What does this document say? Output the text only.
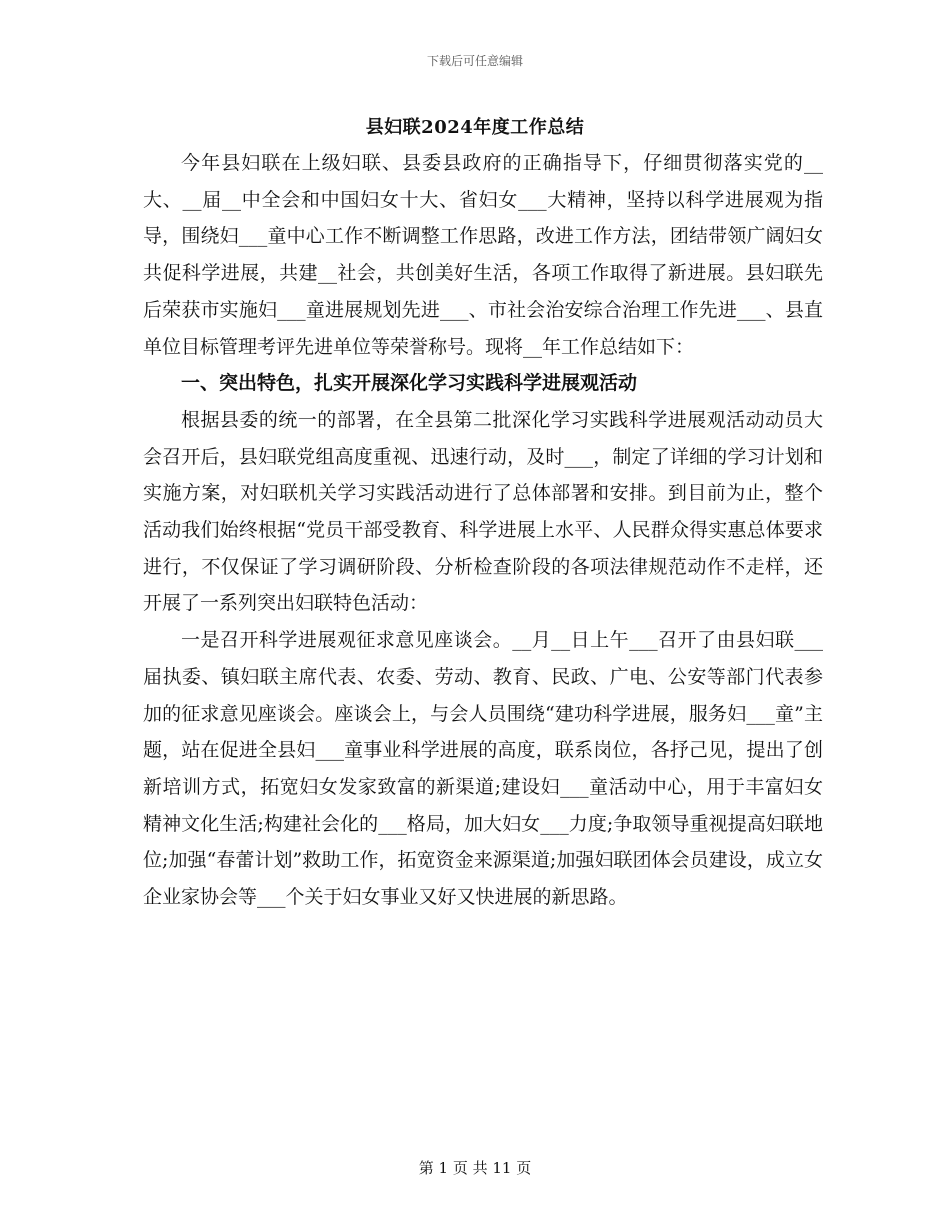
下载后可任意编辑
县妇联2024年度工作总结

今年县妇联在上级妇联、县委县政府的正确指导下，仔细贯彻落实党的__大、__届__中全会和中国妇女十大、省妇女___大精神，坚持以科学进展观为指导，围绕妇___童中心工作不断调整工作思路，改进工作方法，团结带领广阔妇女共促科学进展，共建__社会，共创美好生活，各项工作取得了新进展。县妇联先后荣获市实施妇___童进展规划先进___、市社会治安综合治理工作先进___、县直单位目标管理考评先进单位等荣誉称号。现将__年工作总结如下：

一、突出特色，扎实开展深化学习实践科学进展观活动

根据县委的统一的部署，在全县第二批深化学习实践科学进展观活动动员大会召开后，县妇联党组高度重视、迅速行动，及时___，制定了详细的学习计划和实施方案，对妇联机关学习实践活动进行了总体部署和安排。到目前为止，整个活动我们始终根据“党员干部受教育、科学进展上水平、人民群众得实惠总体要求进行，不仅保证了学习调研阶段、分析检查阶段的各项法律规范动作不走样，还开展了一系列突出妇联特色活动：

一是召开科学进展观征求意见座谈会。__月__日上午___召开了由县妇联___届执委、镇妇联主席代表、农委、劳动、教育、民政、广电、公安等部门代表参加的征求意见座谈会。座谈会上，与会人员围绕“建功科学进展，服务妇___童”主题，站在促进全县妇___童事业科学进展的高度，联系岗位，各抒己见，提出了创新培训方式，拓宽妇女发家致富的新渠道;建设妇___童活动中心，用于丰富妇女精神文化生活;构建社会化的___格局，加大妇女___力度;争取领导重视提高妇联地位;加强“春蕾计划”救助工作，拓宽资金来源渠道;加强妇联团体会员建设，成立女企业家协会等___个关于妇女事业又好又快进展的新思路。

第 1 页 共 11 页
